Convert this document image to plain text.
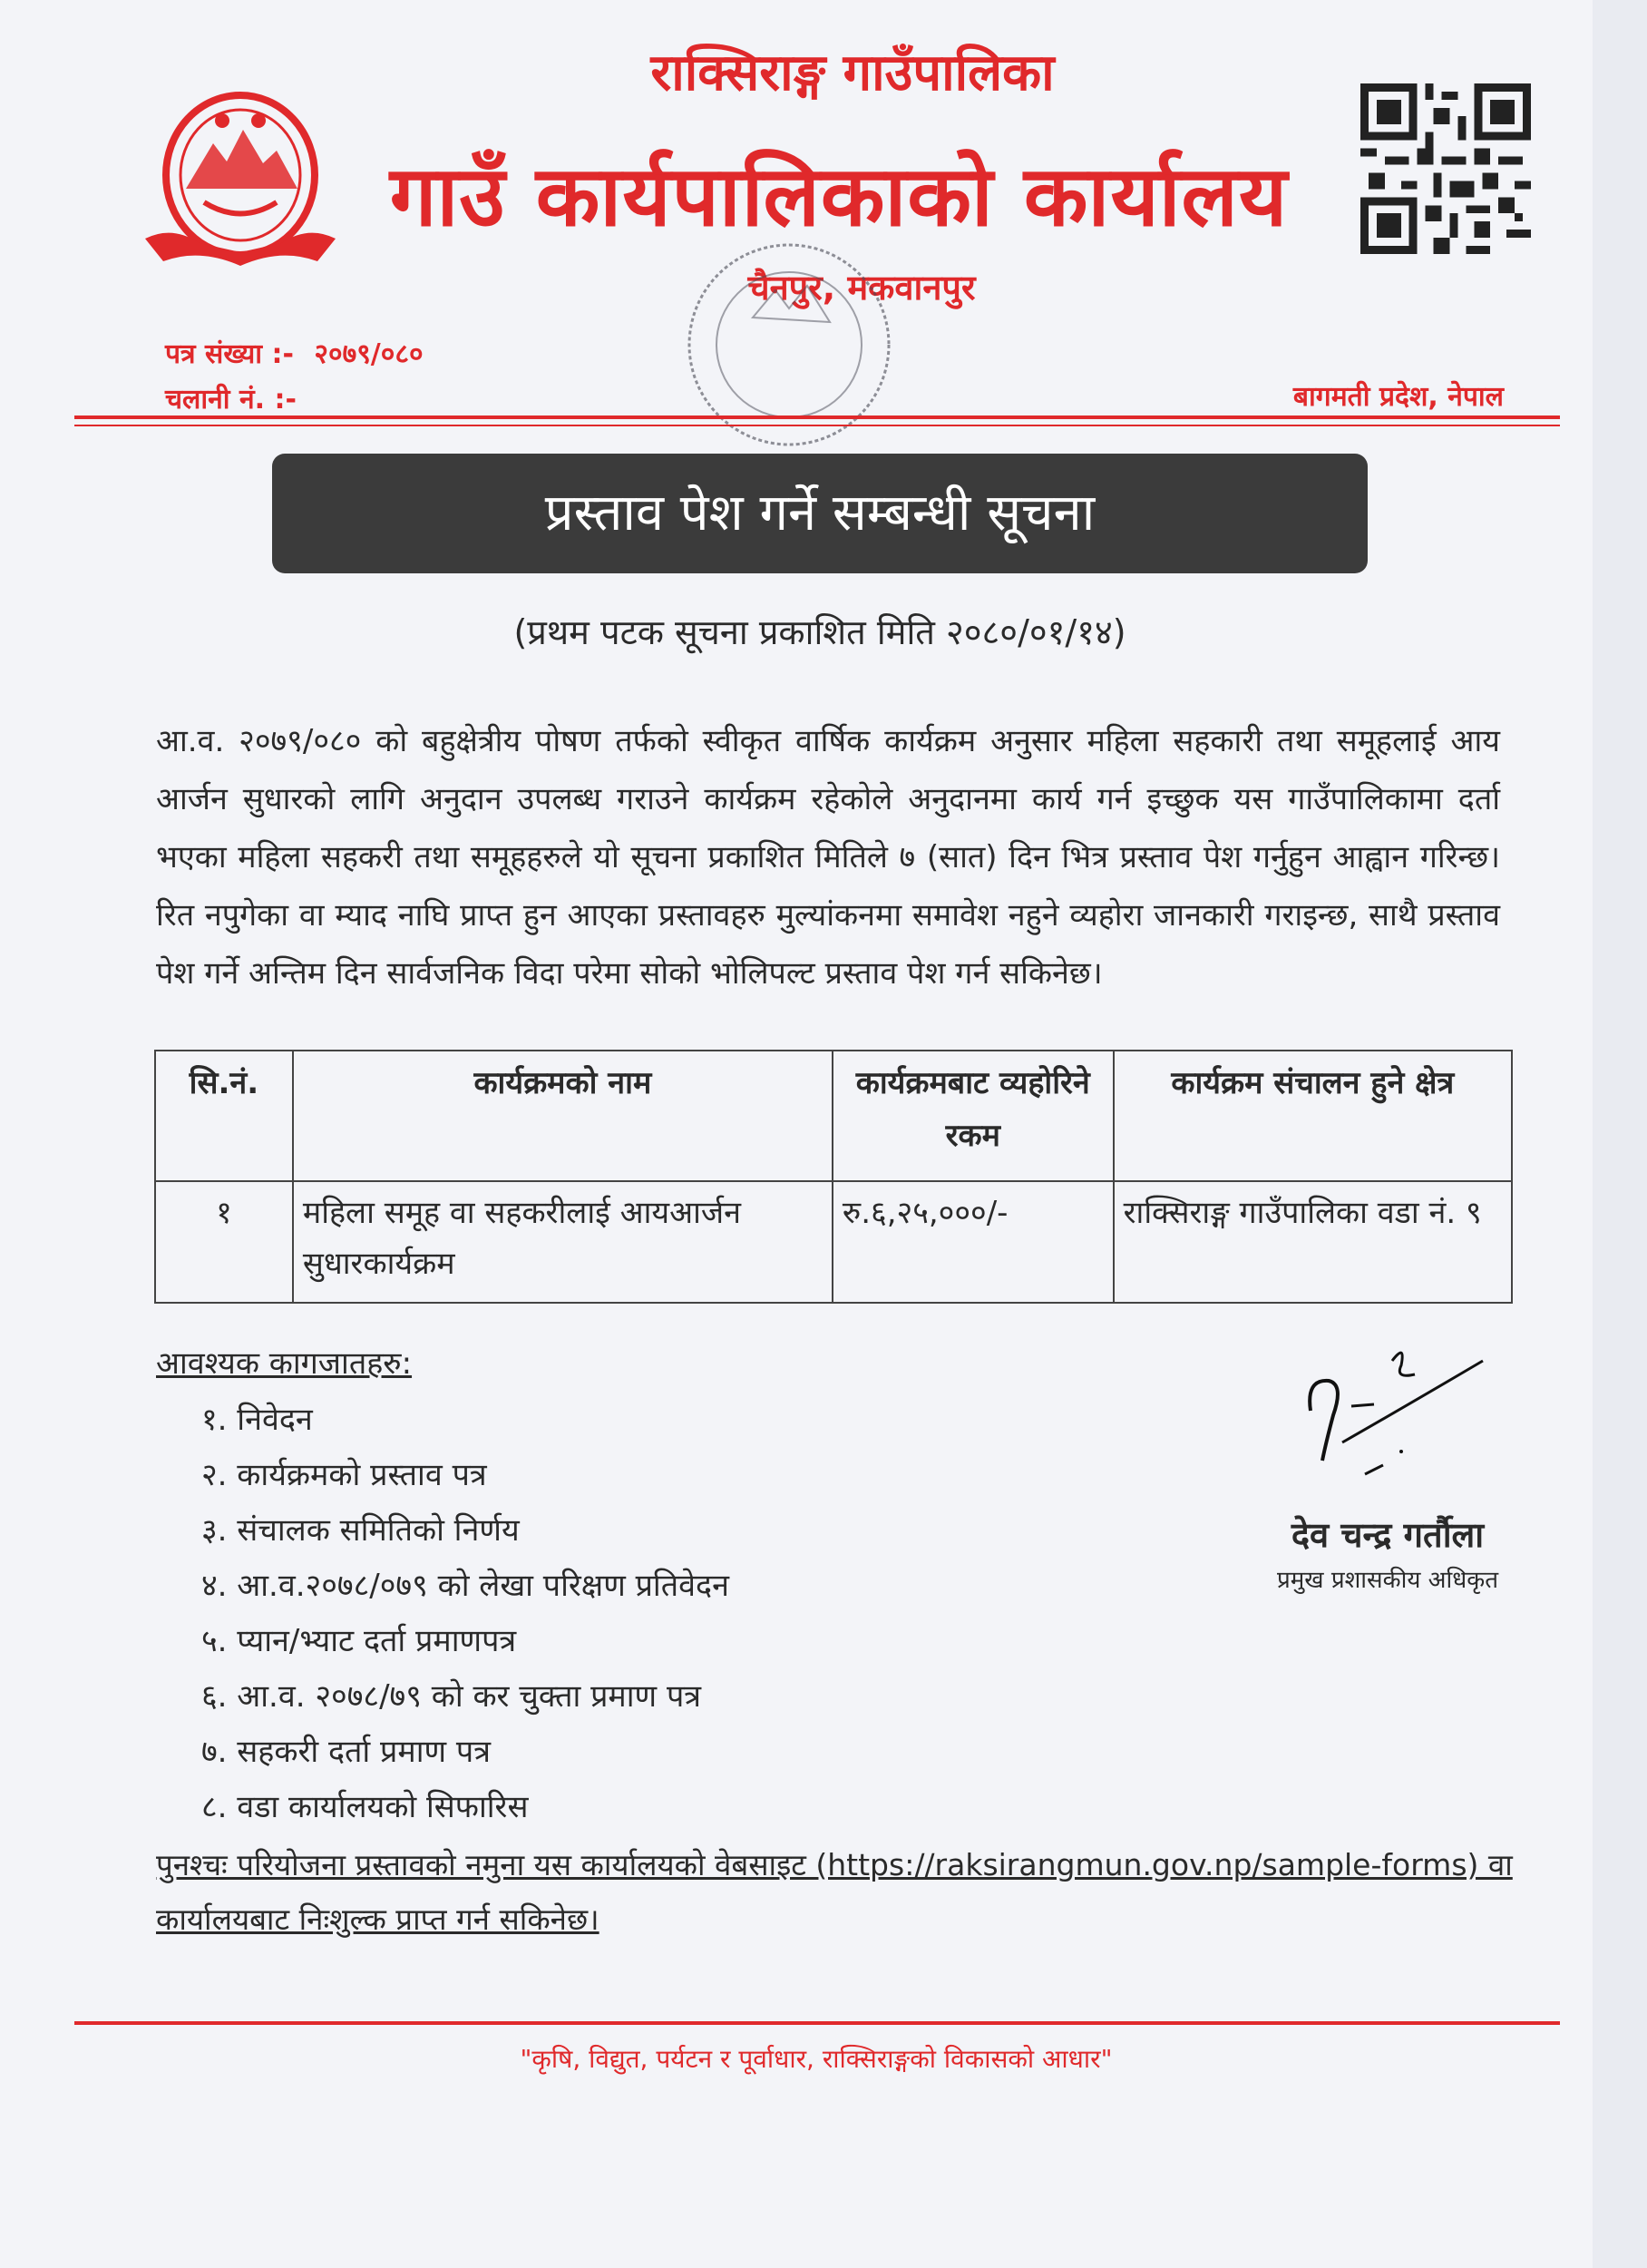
राक्सिराङ्ग गाउँपालिका
गाउँ कार्यपालिकाको कार्यालय
चैनपुर, मकवानपुर
पत्र संख्या :- २०७९/०८०
चलानी नं. :-	बागमती प्रदेश, नेपाल
प्रस्ताव पेश गर्ने सम्बन्धी सूचना
(प्रथम पटक सूचना प्रकाशित मिति २०८०/०१/१४)
आ.व. २०७९/०८० को बहुक्षेत्रीय पोषण तर्फको स्वीकृत वार्षिक कार्यक्रम अनुसार महिला सहकारी तथा समूहलाई आय आर्जन सुधारको लागि अनुदान उपलब्ध गराउने कार्यक्रम रहेकोले अनुदानमा कार्य गर्न इच्छुक यस गाउँपालिकामा दर्ता भएका महिला सहकरी तथा समूहहरुले यो सूचना प्रकाशित मितिले ७ (सात) दिन भित्र प्रस्ताव पेश गर्नुहुन आह्वान गरिन्छ। रित नपुगेका वा म्याद नाघि प्राप्त हुन आएका प्रस्तावहरु मुल्यांकनमा समावेश नहुने व्यहोरा जानकारी गराइन्छ, साथै प्रस्ताव पेश गर्ने अन्तिम दिन सार्वजनिक विदा परेमा सोको भोलिपल्ट प्रस्ताव पेश गर्न सकिनेछ।
सि.नं.	कार्यक्रमको नाम	कार्यक्रमबाट व्यहोरिने रकम	कार्यक्रम संचालन हुने क्षेत्र
१	महिला समूह वा सहकरीलाई आयआर्जन सुधारकार्यक्रम	रु.६,२५,०००/-	राक्सिराङ्ग गाउँपालिका वडा नं. ९
आवश्यक कागजातहरु:
१. निवेदन
२. कार्यक्रमको प्रस्ताव पत्र
३. संचालक समितिको निर्णय
४. आ.व.२०७८/०७९ को लेखा परिक्षण प्रतिवेदन
५. प्यान/भ्याट दर्ता प्रमाणपत्र
६. आ.व. २०७८/७९ को कर चुक्ता प्रमाण पत्र
७. सहकरी दर्ता प्रमाण पत्र
८. वडा कार्यालयको सिफारिस
देव चन्द्र गर्तौला
प्रमुख प्रशासकीय अधिकृत
पुनश्चः परियोजना प्रस्तावको नमुना यस कार्यालयको वेबसाइट (https://raksirangmun.gov.np/sample-forms) वा कार्यालयबाट निःशुल्क प्राप्त गर्न सकिनेछ।
"कृषि, विद्युत, पर्यटन र पूर्वाधार, राक्सिराङ्गको विकासको आधार"
